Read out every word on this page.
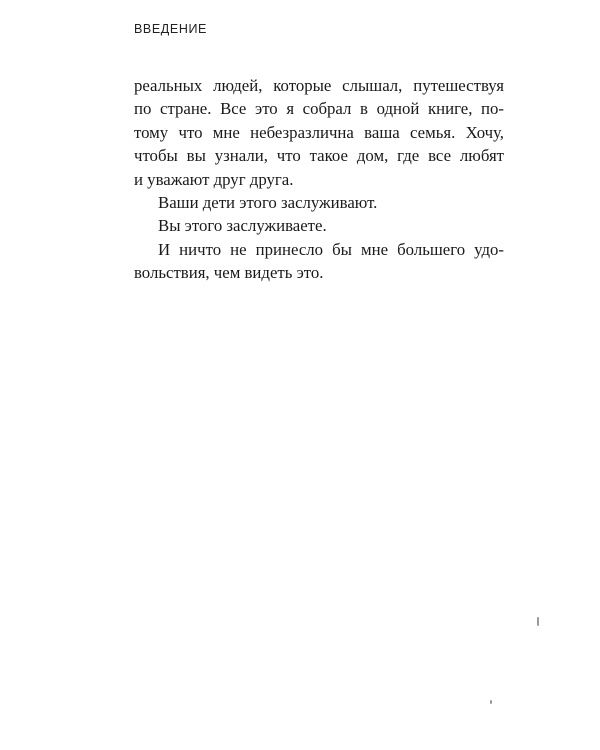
ВВЕДЕНИЕ
реальных людей, которые слышал, путешествуя
по стране. Все это я собрал в одной книге, по-
тому что мне небезразлична ваша семья. Хочу,
чтобы вы узнали, что такое дом, где все любят
и уважают друг друга.
Ваши дети этого заслуживают.
Вы этого заслуживаете.
И ничто не принесло бы мне большего удо-
вольствия, чем видеть это.
